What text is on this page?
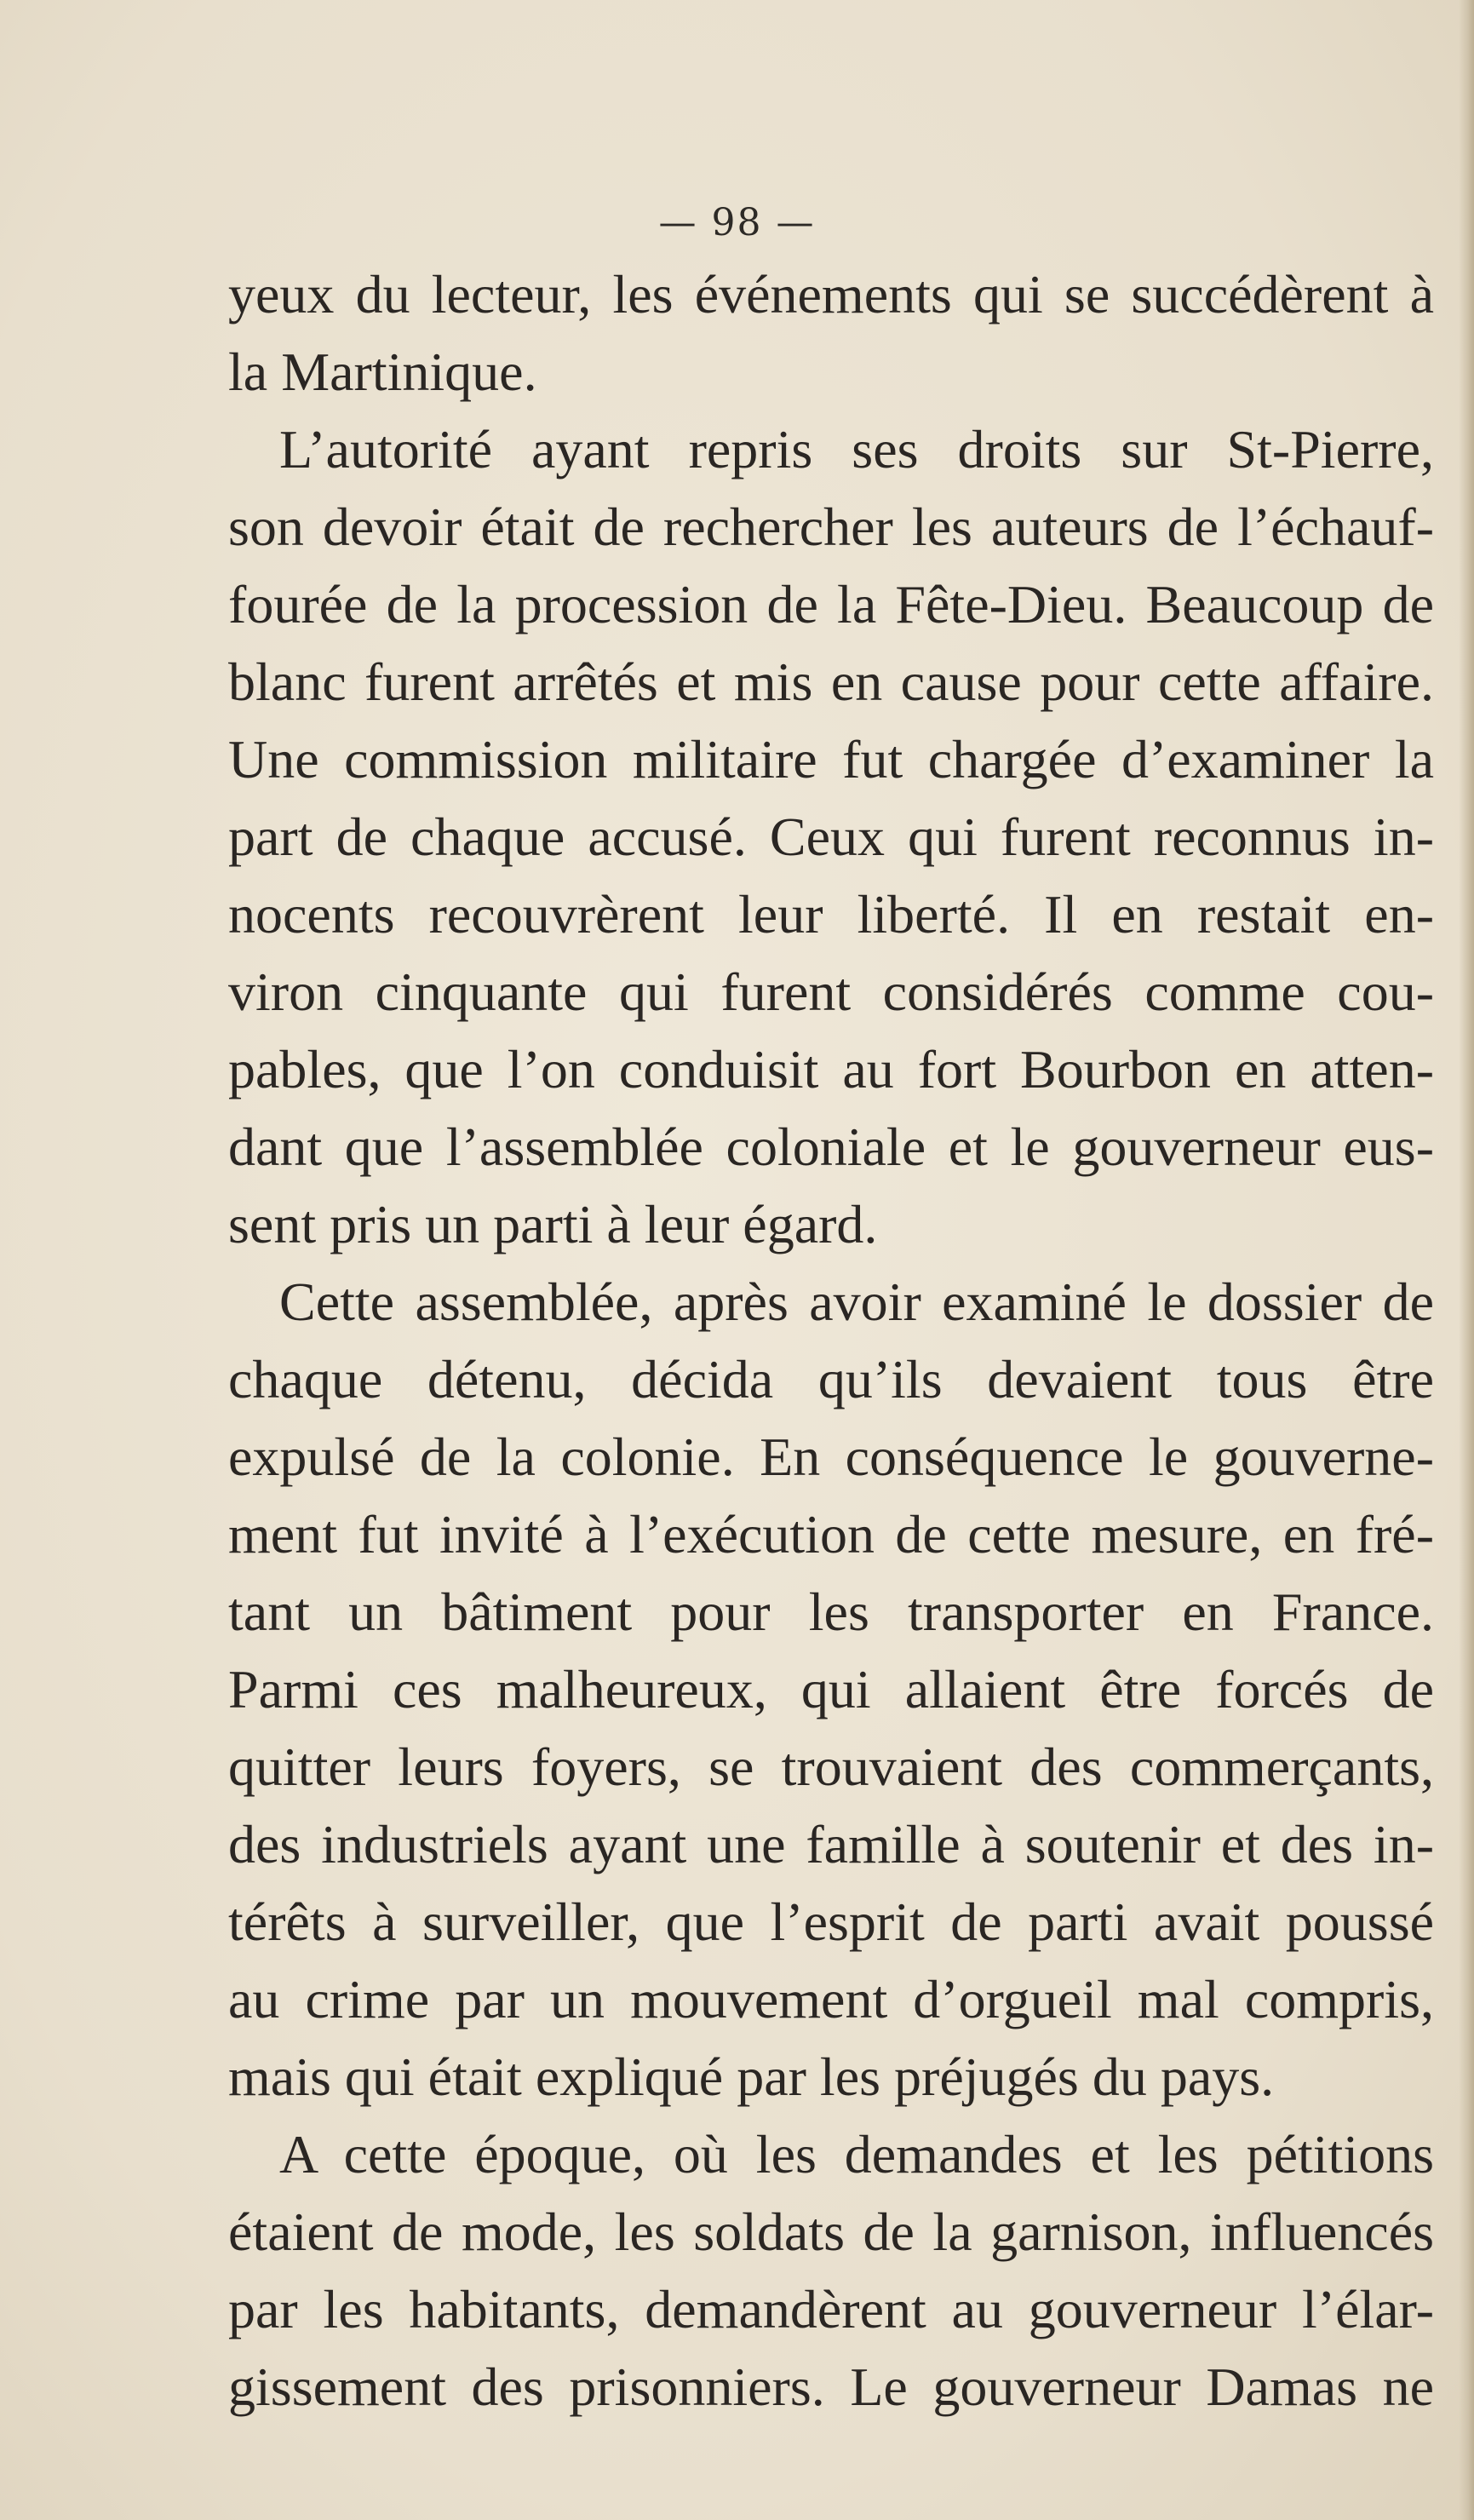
— 98 —
yeux du lecteur, les événements qui se succédèrent à
la Martinique.
L’autorité ayant repris ses droits sur St-Pierre,
son devoir était de rechercher les auteurs de l’échauf-
fourée de la procession de la Fête-Dieu. Beaucoup de
blanc furent arrêtés et mis en cause pour cette affaire.
Une commission militaire fut chargée d’examiner la
part de chaque accusé. Ceux qui furent reconnus in-
nocents recouvrèrent leur liberté. Il en restait en-
viron cinquante qui furent considérés comme cou-
pables, que l’on conduisit au fort Bourbon en atten-
dant que l’assemblée coloniale et le gouverneur eus-
sent pris un parti à leur égard.
Cette assemblée, après avoir examiné le dossier de
chaque détenu, décida qu’ils devaient tous être
expulsé de la colonie. En conséquence le gouverne-
ment fut invité à l’exécution de cette mesure, en fré-
tant un bâtiment pour les transporter en France.
Parmi ces malheureux, qui allaient être forcés de
quitter leurs foyers, se trouvaient des commerçants,
des industriels ayant une famille à soutenir et des in-
térêts à surveiller, que l’esprit de parti avait poussé
au crime par un mouvement d’orgueil mal compris,
mais qui était expliqué par les préjugés du pays.
A cette époque, où les demandes et les pétitions
étaient de mode, les soldats de la garnison, influencés
par les habitants, demandèrent au gouverneur l’élar-
gissement des prisonniers. Le gouverneur Damas ne
